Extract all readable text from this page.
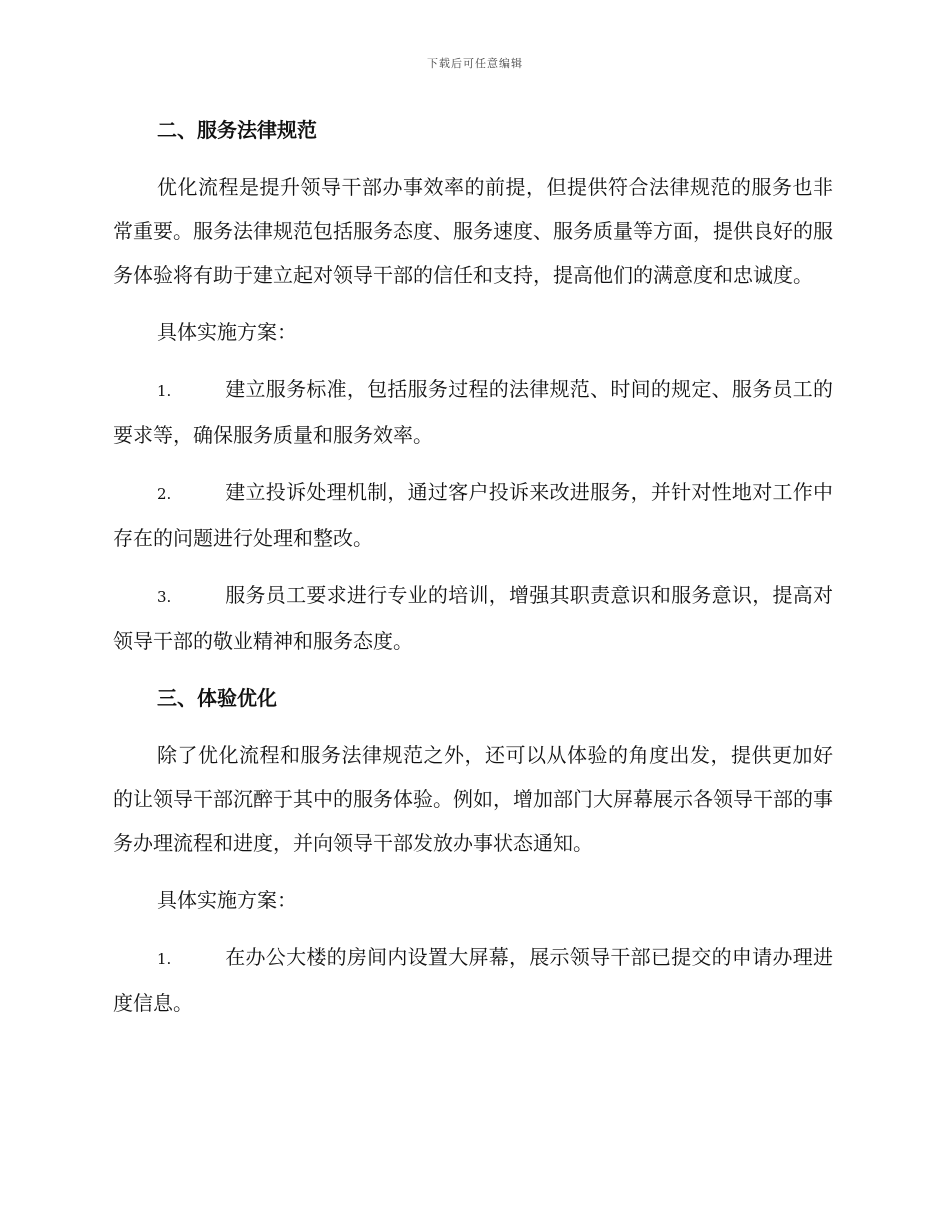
下载后可任意编辑
二、服务法律规范

优化流程是提升领导干部办事效率的前提，但提供符合法律规范的服务也非常重要。服务法律规范包括服务态度、服务速度、服务质量等方面，提供良好的服务体验将有助于建立起对领导干部的信任和支持，提高他们的满意度和忠诚度。

具体实施方案：

1.	建立服务标准，包括服务过程的法律规范、时间的规定、服务员工的要求等，确保服务质量和服务效率。

2.	建立投诉处理机制，通过客户投诉来改进服务，并针对性地对工作中存在的问题进行处理和整改。

3.	服务员工要求进行专业的培训，增强其职责意识和服务意识，提高对领导干部的敬业精神和服务态度。

三、体验优化

除了优化流程和服务法律规范之外，还可以从体验的角度出发，提供更加好的让领导干部沉醉于其中的服务体验。例如，增加部门大屏幕展示各领导干部的事务办理流程和进度，并向领导干部发放办事状态通知。

具体实施方案：

1.	在办公大楼的房间内设置大屏幕，展示领导干部已提交的申请办理进度信息。
